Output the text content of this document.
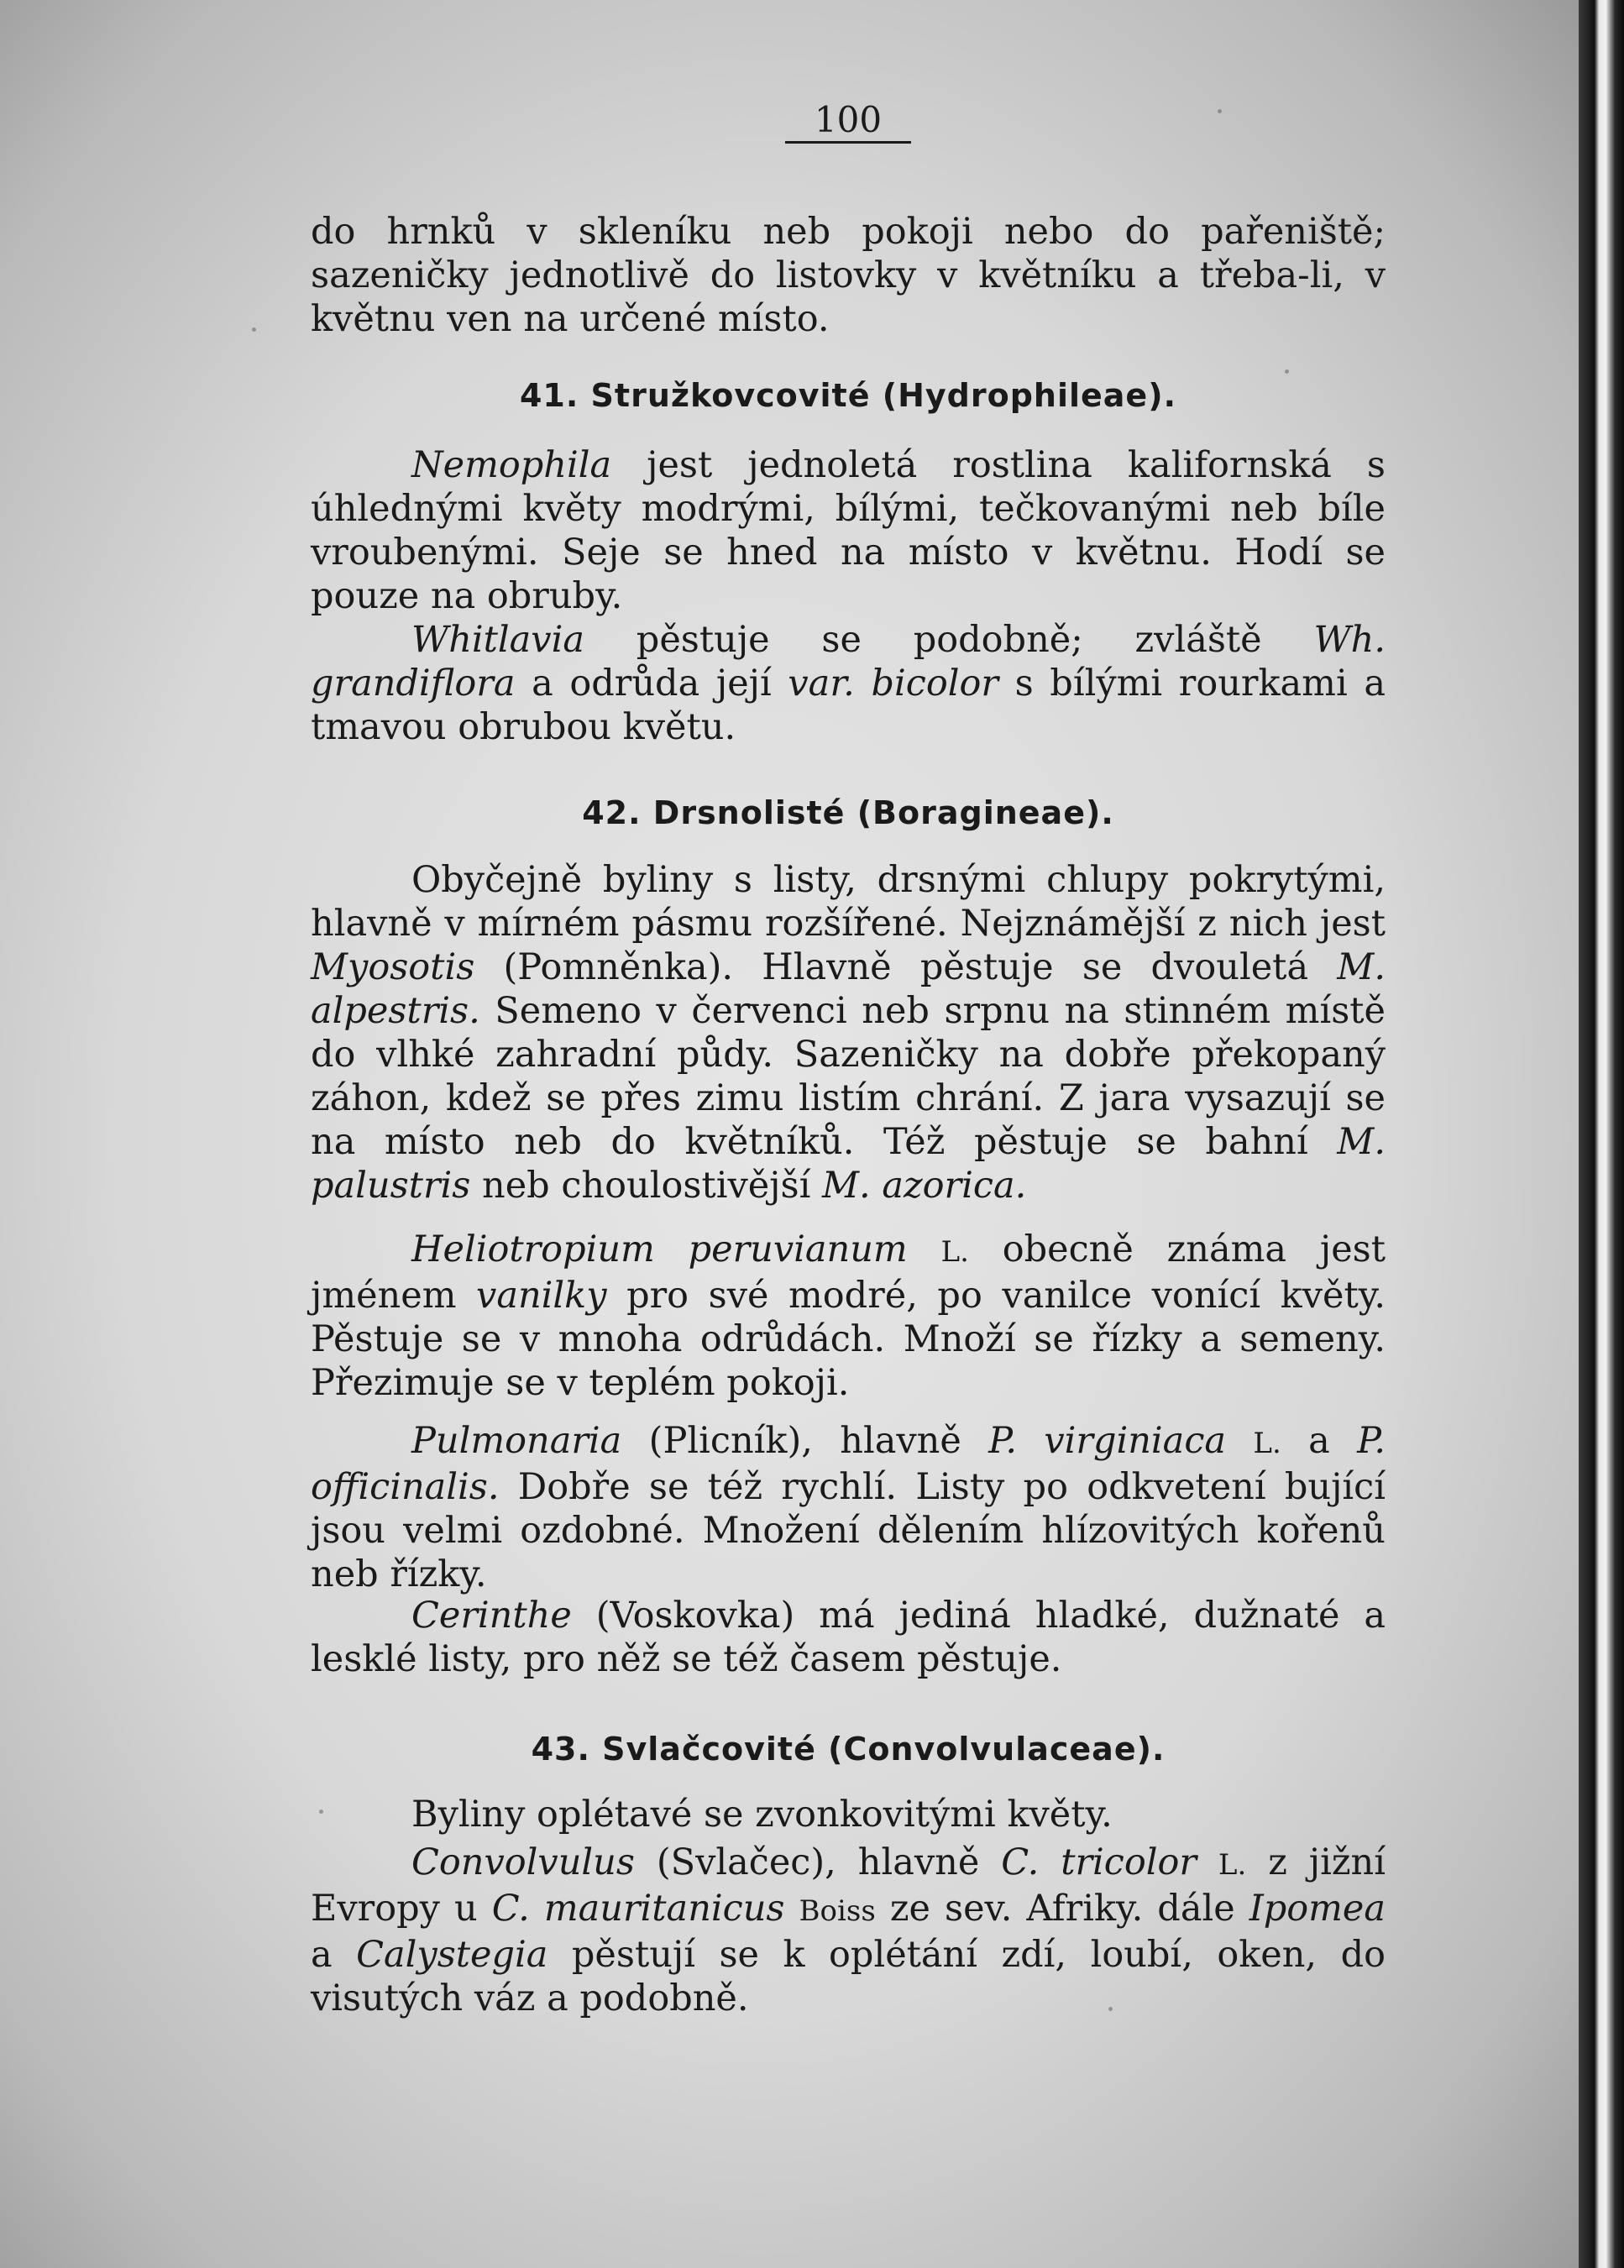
100
do hrnků v skleníku neb pokoji nebo do pařeniště; sazeničky jednotlivě do listovky v květníku a třeba-li, v květnu ven na určené místo.
41. Stružkovcovité (Hydrophileae).
Nemophila jest jednoletá rostlina kalifornská s úhlednými květy modrými, bílými, tečkovanými neb bíle vroubenými. Seje se hned na místo v květnu. Hodí se pouze na obruby.
Whitlavia pěstuje se podobně; zvláště Wh. grandiflora a odrůda její var. bicolor s bílými rourkami a tmavou obrubou květu.
42. Drsnolisté (Boragineae).
Obyčejně byliny s listy, drsnými chlupy pokrytými, hlavně v mírném pásmu rozšířené. Nejznámější z nich jest Myosotis (Pomněnka). Hlavně pěstuje se dvouletá M. alpestris. Semeno v červenci neb srpnu na stinném místě do vlhké zahradní půdy. Sazeničky na dobře překopaný záhon, kdež se přes zimu listím chrání. Z jara vysazují se na místo neb do květníků. Též pěstuje se bahní M. palustris neb choulostivější M. azorica.
Heliotropium peruvianum L. obecně známa jest jménem vanilky pro své modré, po vanilce vonící květy. Pěstuje se v mnoha odrůdách. Množí se řízky a semeny. Přezimuje se v teplém pokoji.
Pulmonaria (Plicník), hlavně P. virginiaca L. a P. officinalis. Dobře se též rychlí. Listy po odkvetení bující jsou velmi ozdobné. Množení dělením hlízovitých kořenů neb řízky.
Cerinthe (Voskovka) má jediná hladké, dužnaté a lesklé listy, pro něž se též časem pěstuje.
43. Svlačcovité (Convolvulaceae).
Byliny oplétavé se zvonkovitými květy.
Convolvulus (Svlačec), hlavně C. tricolor L. z jižní Evropy u C. mauritanicus Boiss ze sev. Afriky. dále Ipomea a Calystegia pěstují se k oplétání zdí, loubí, oken, do visutých váz a podobně.
